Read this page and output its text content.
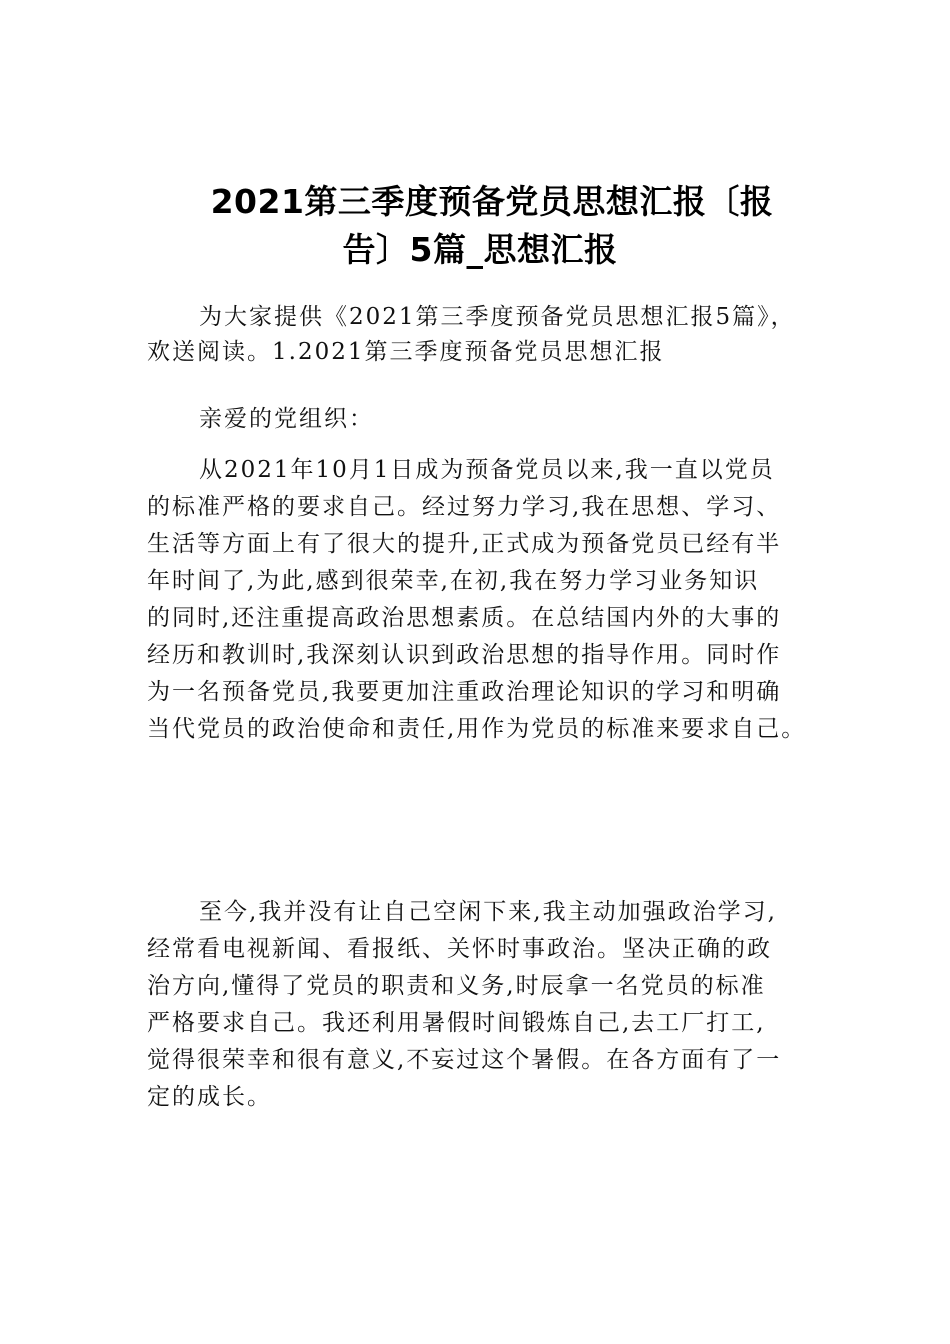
2021第三季度预备党员思想汇报〔报
告〕5篇_思想汇报
为大家提供《2021第三季度预备党员思想汇报5篇》，
欢送阅读。1.2021第三季度预备党员思想汇报
亲爱的党组织：
从2021年10月1日成为预备党员以来,我一直以党员
的标准严格的要求自己。经过努力学习,我在思想、学习、
生活等方面上有了很大的提升,正式成为预备党员已经有半
年时间了,为此,感到很荣幸,在初,我在努力学习业务知识
的同时,还注重提高政治思想素质。在总结国内外的大事的
经历和教训时,我深刻认识到政治思想的指导作用。同时作
为一名预备党员,我要更加注重政治理论知识的学习和明确
当代党员的政治使命和责任,用作为党员的标准来要求自己。
至今,我并没有让自己空闲下来,我主动加强政治学习,
经常看电视新闻、看报纸、关怀时事政治。坚决正确的政
治方向,懂得了党员的职责和义务,时辰拿一名党员的标准
严格要求自己。我还利用暑假时间锻炼自己,去工厂打工,
觉得很荣幸和很有意义,不妄过这个暑假。在各方面有了一
定的成长。
